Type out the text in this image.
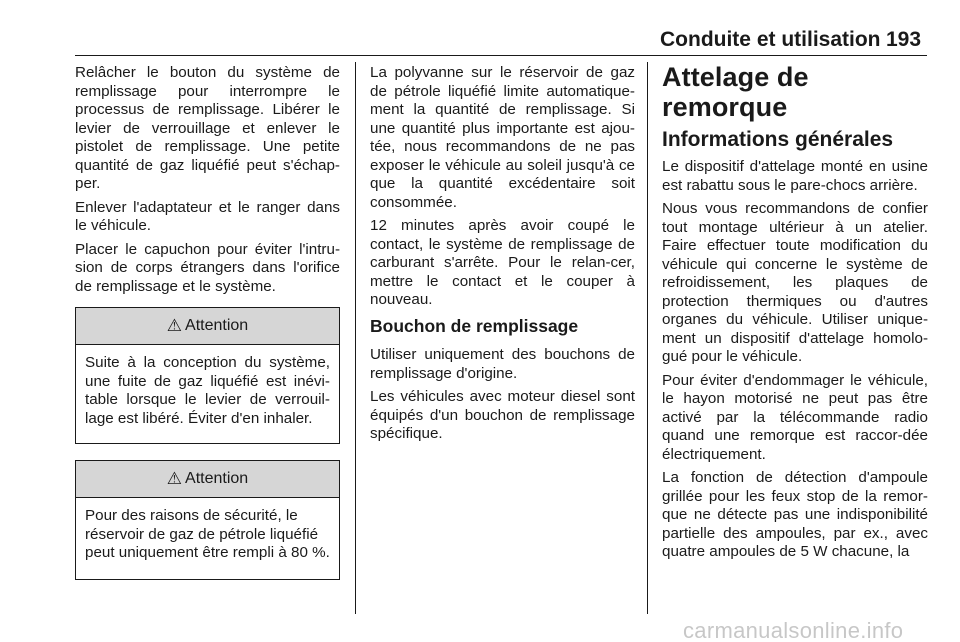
Conduite et utilisation 193

Relâcher le bouton du système de remplissage pour interrompre le processus de remplissage. Libérer le levier de verrouillage et enlever le pistolet de remplissage. Une petite quantité de gaz liquéfié peut s'échap-per.

Enlever l'adaptateur et le ranger dans le véhicule.

Placer le capuchon pour éviter l'intru-sion de corps étrangers dans l'orifice de remplissage et le système.

⚠ Attention
Suite à la conception du système, une fuite de gaz liquéfié est inévi-table lorsque le levier de verrouil-lage est libéré. Éviter d'en inhaler.
⚠ Attention
Pour des raisons de sécurité, le réservoir de gaz de pétrole liquéfié peut uniquement être rempli à 80 %.

La polyvanne sur le réservoir de gaz de pétrole liquéfié limite automatique-ment la quantité de remplissage. Si une quantité plus importante est ajou-tée, nous recommandons de ne pas exposer le véhicule au soleil jusqu'à ce que la quantité excédentaire soit consommée.

12 minutes après avoir coupé le contact, le système de remplissage de carburant s'arrête. Pour le relan-cer, mettre le contact et le couper à nouveau.

Bouchon de remplissage

Utiliser uniquement des bouchons de remplissage d'origine.

Les véhicules avec moteur diesel sont équipés d'un bouchon de remplissage spécifique.

Attelage de remorque
Informations générales

Le dispositif d'attelage monté en usine est rabattu sous le pare-chocs arrière.

Nous vous recommandons de confier tout montage ultérieur à un atelier. Faire effectuer toute modification du véhicule qui concerne le système de refroidissement, les plaques de protection thermiques ou d'autres organes du véhicule. Utiliser unique-ment un dispositif d'attelage homolo-gué pour le véhicule.

Pour éviter d'endommager le véhicule, le hayon motorisé ne peut pas être activé par la télécommande radio quand une remorque est raccor-dée électriquement.

La fonction de détection d'ampoule grillée pour les feux stop de la remor-que ne détecte pas une indisponibilité partielle des ampoules, par ex., avec quatre ampoules de 5 W chacune, la

carmanualsonline.info
